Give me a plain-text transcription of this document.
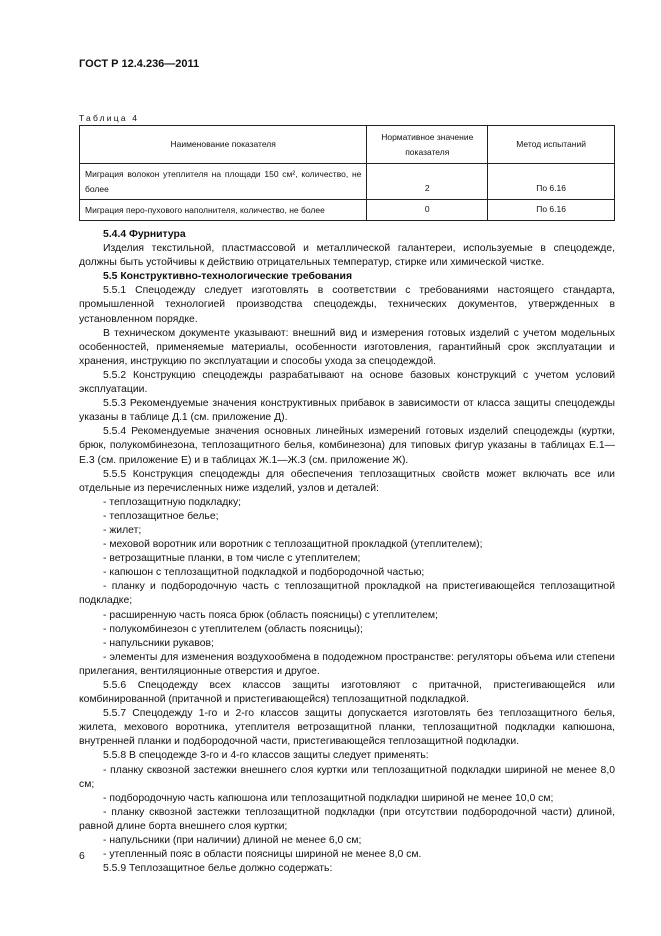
ГОСТ Р 12.4.236—2011
Таблица 4
Наименование показателя	Нормативное значение показателя	Метод испытаний
Миграция волокон утеплителя на площади 150 см², количество, не более	2	По 6.16
Миграция перо-пухового наполнителя, количество, не более	0	По 6.16

5.4.4 Фурнитура

Изделия текстильной, пластмассовой и металлической галантереи, используемые в спецодежде, должны быть устойчивы к действию отрицательных температур, стирке или химической чистке.

5.5 Конструктивно-технологические требования

5.5.1 Спецодежду следует изготовлять в соответствии с требованиями настоящего стандарта, промышленной технологией производства спецодежды, технических документов, утвержденных в установленном порядке.

В техническом документе указывают: внешний вид и измерения готовых изделий с учетом модельных особенностей, применяемые материалы, особенности изготовления, гарантийный срок эксплуатации и хранения, инструкцию по эксплуатации и способы ухода за спецодеждой.

5.5.2 Конструкцию спецодежды разрабатывают на основе базовых конструкций с учетом условий эксплуатации.

5.5.3 Рекомендуемые значения конструктивных прибавок в зависимости от класса защиты спецодежды указаны в таблице Д.1 (см. приложение Д).

5.5.4 Рекомендуемые значения основных линейных измерений готовых изделий спецодежды (куртки, брюк, полукомбинезона, теплозащитного белья, комбинезона) для типовых фигур указаны в таблицах Е.1—Е.3 (см. приложение Е) и в таблицах Ж.1—Ж.3 (см. приложение Ж).

5.5.5 Конструкция спецодежды для обеспечения теплозащитных свойств может включать все или отдельные из перечисленных ниже изделий, узлов и деталей:

- теплозащитную подкладку;

- теплозащитное белье;

- жилет;

- меховой воротник или воротник с теплозащитной прокладкой (утеплителем);

- ветрозащитные планки, в том числе с утеплителем;

- капюшон с теплозащитной подкладкой и подбородочной частью;

- планку и подбородочную часть с теплозащитной прокладкой на пристегивающейся теплозащитной подкладке;

- расширенную часть пояса брюк (область поясницы) с утеплителем;

- полукомбинезон с утеплителем (область поясницы);

- напульсники рукавов;

- элементы для изменения воздухообмена в пододежном пространстве: регуляторы объема или степени прилегания, вентиляционные отверстия и другое.

5.5.6 Спецодежду всех классов защиты изготовляют с притачной, пристегивающейся или комбинированной (притачной и пристегивающейся) теплозащитной подкладкой.

5.5.7 Спецодежду 1-го и 2-го классов защиты допускается изготовлять без теплозащитного белья, жилета, мехового воротника, утеплителя ветрозащитной планки, теплозащитной подкладки капюшона, внутренней планки и подбородочной части, пристегивающейся теплозащитной подкладки.

5.5.8 В спецодежде 3-го и 4-го классов защиты следует применять:

- планку сквозной застежки внешнего слоя куртки или теплозащитной подкладки шириной не менее 8,0 см;

- подбородочную часть капюшона или теплозащитной подкладки шириной не менее 10,0 см;

- планку сквозной застежки теплозащитной подкладки (при отсутствии подбородочной части) длиной, равной длине борта внешнего слоя куртки;

- напульсники (при наличии) длиной не менее 6,0 см;

- утепленный пояс в области поясницы шириной не менее 8,0 см.

5.5.9 Теплозащитное белье должно содержать:

6
